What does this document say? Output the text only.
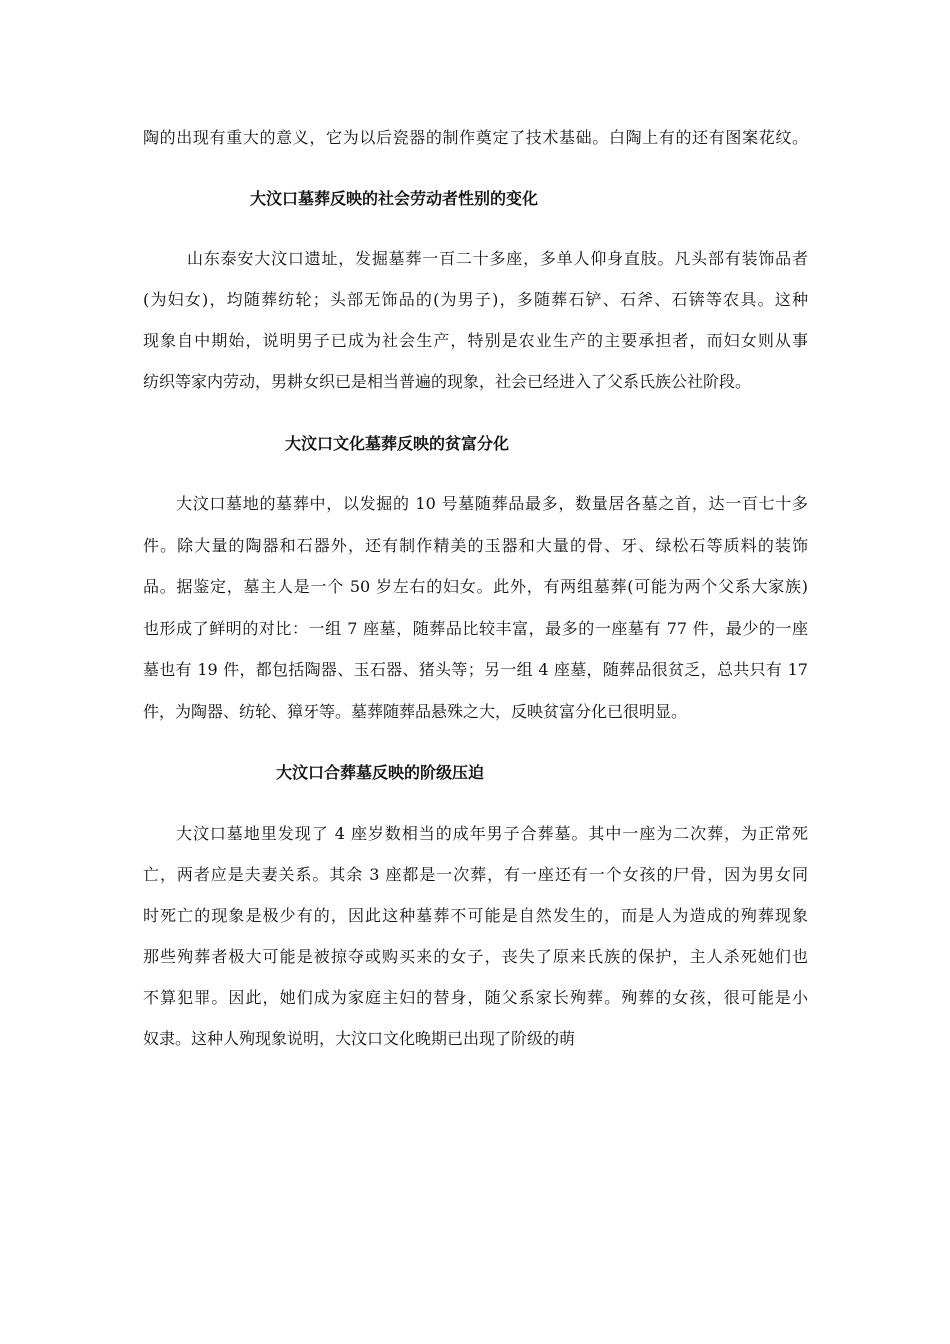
陶的出现有重大的意义，它为以后瓷器的制作奠定了技术基础。白陶上有的还有图案花纹。
大汶口墓葬反映的社会劳动者性别的变化
山东泰安大汶口遗址，发掘墓葬一百二十多座，多单人仰身直肢。凡头部有装饰品者
(为妇女)，均随葬纺轮；头部无饰品的(为男子)，多随葬石铲、石斧、石锛等农具。这种
现象自中期始，说明男子已成为社会生产，特别是农业生产的主要承担者，而妇女则从事
纺织等家内劳动，男耕女织已是相当普遍的现象，社会已经进入了父系氏族公社阶段。
大汶口文化墓葬反映的贫富分化
大汶口墓地的墓葬中，以发掘的 10 号墓随葬品最多，数量居各墓之首，达一百七十多
件。除大量的陶器和石器外，还有制作精美的玉器和大量的骨、牙、绿松石等质料的装饰
品。据鉴定，墓主人是一个 50 岁左右的妇女。此外，有两组墓葬(可能为两个父系大家族)
也形成了鲜明的对比：一组 7 座墓，随葬品比较丰富，最多的一座墓有 77 件，最少的一座
墓也有 19 件，都包括陶器、玉石器、猪头等；另一组 4 座墓，随葬品很贫乏，总共只有 17
件，为陶器、纺轮、獐牙等。墓葬随葬品悬殊之大，反映贫富分化已很明显。
大汶口合葬墓反映的阶级压迫
大汶口墓地里发现了 4 座岁数相当的成年男子合葬墓。其中一座为二次葬，为正常死
亡，两者应是夫妻关系。其余 3 座都是一次葬，有一座还有一个女孩的尸骨，因为男女同
时死亡的现象是极少有的，因此这种墓葬不可能是自然发生的，而是人为造成的殉葬现象
那些殉葬者极大可能是被掠夺或购买来的女子，丧失了原来氏族的保护，主人杀死她们也
不算犯罪。因此，她们成为家庭主妇的替身，随父系家长殉葬。殉葬的女孩，很可能是小
奴隶。这种人殉现象说明，大汶口文化晚期已出现了阶级的萌
